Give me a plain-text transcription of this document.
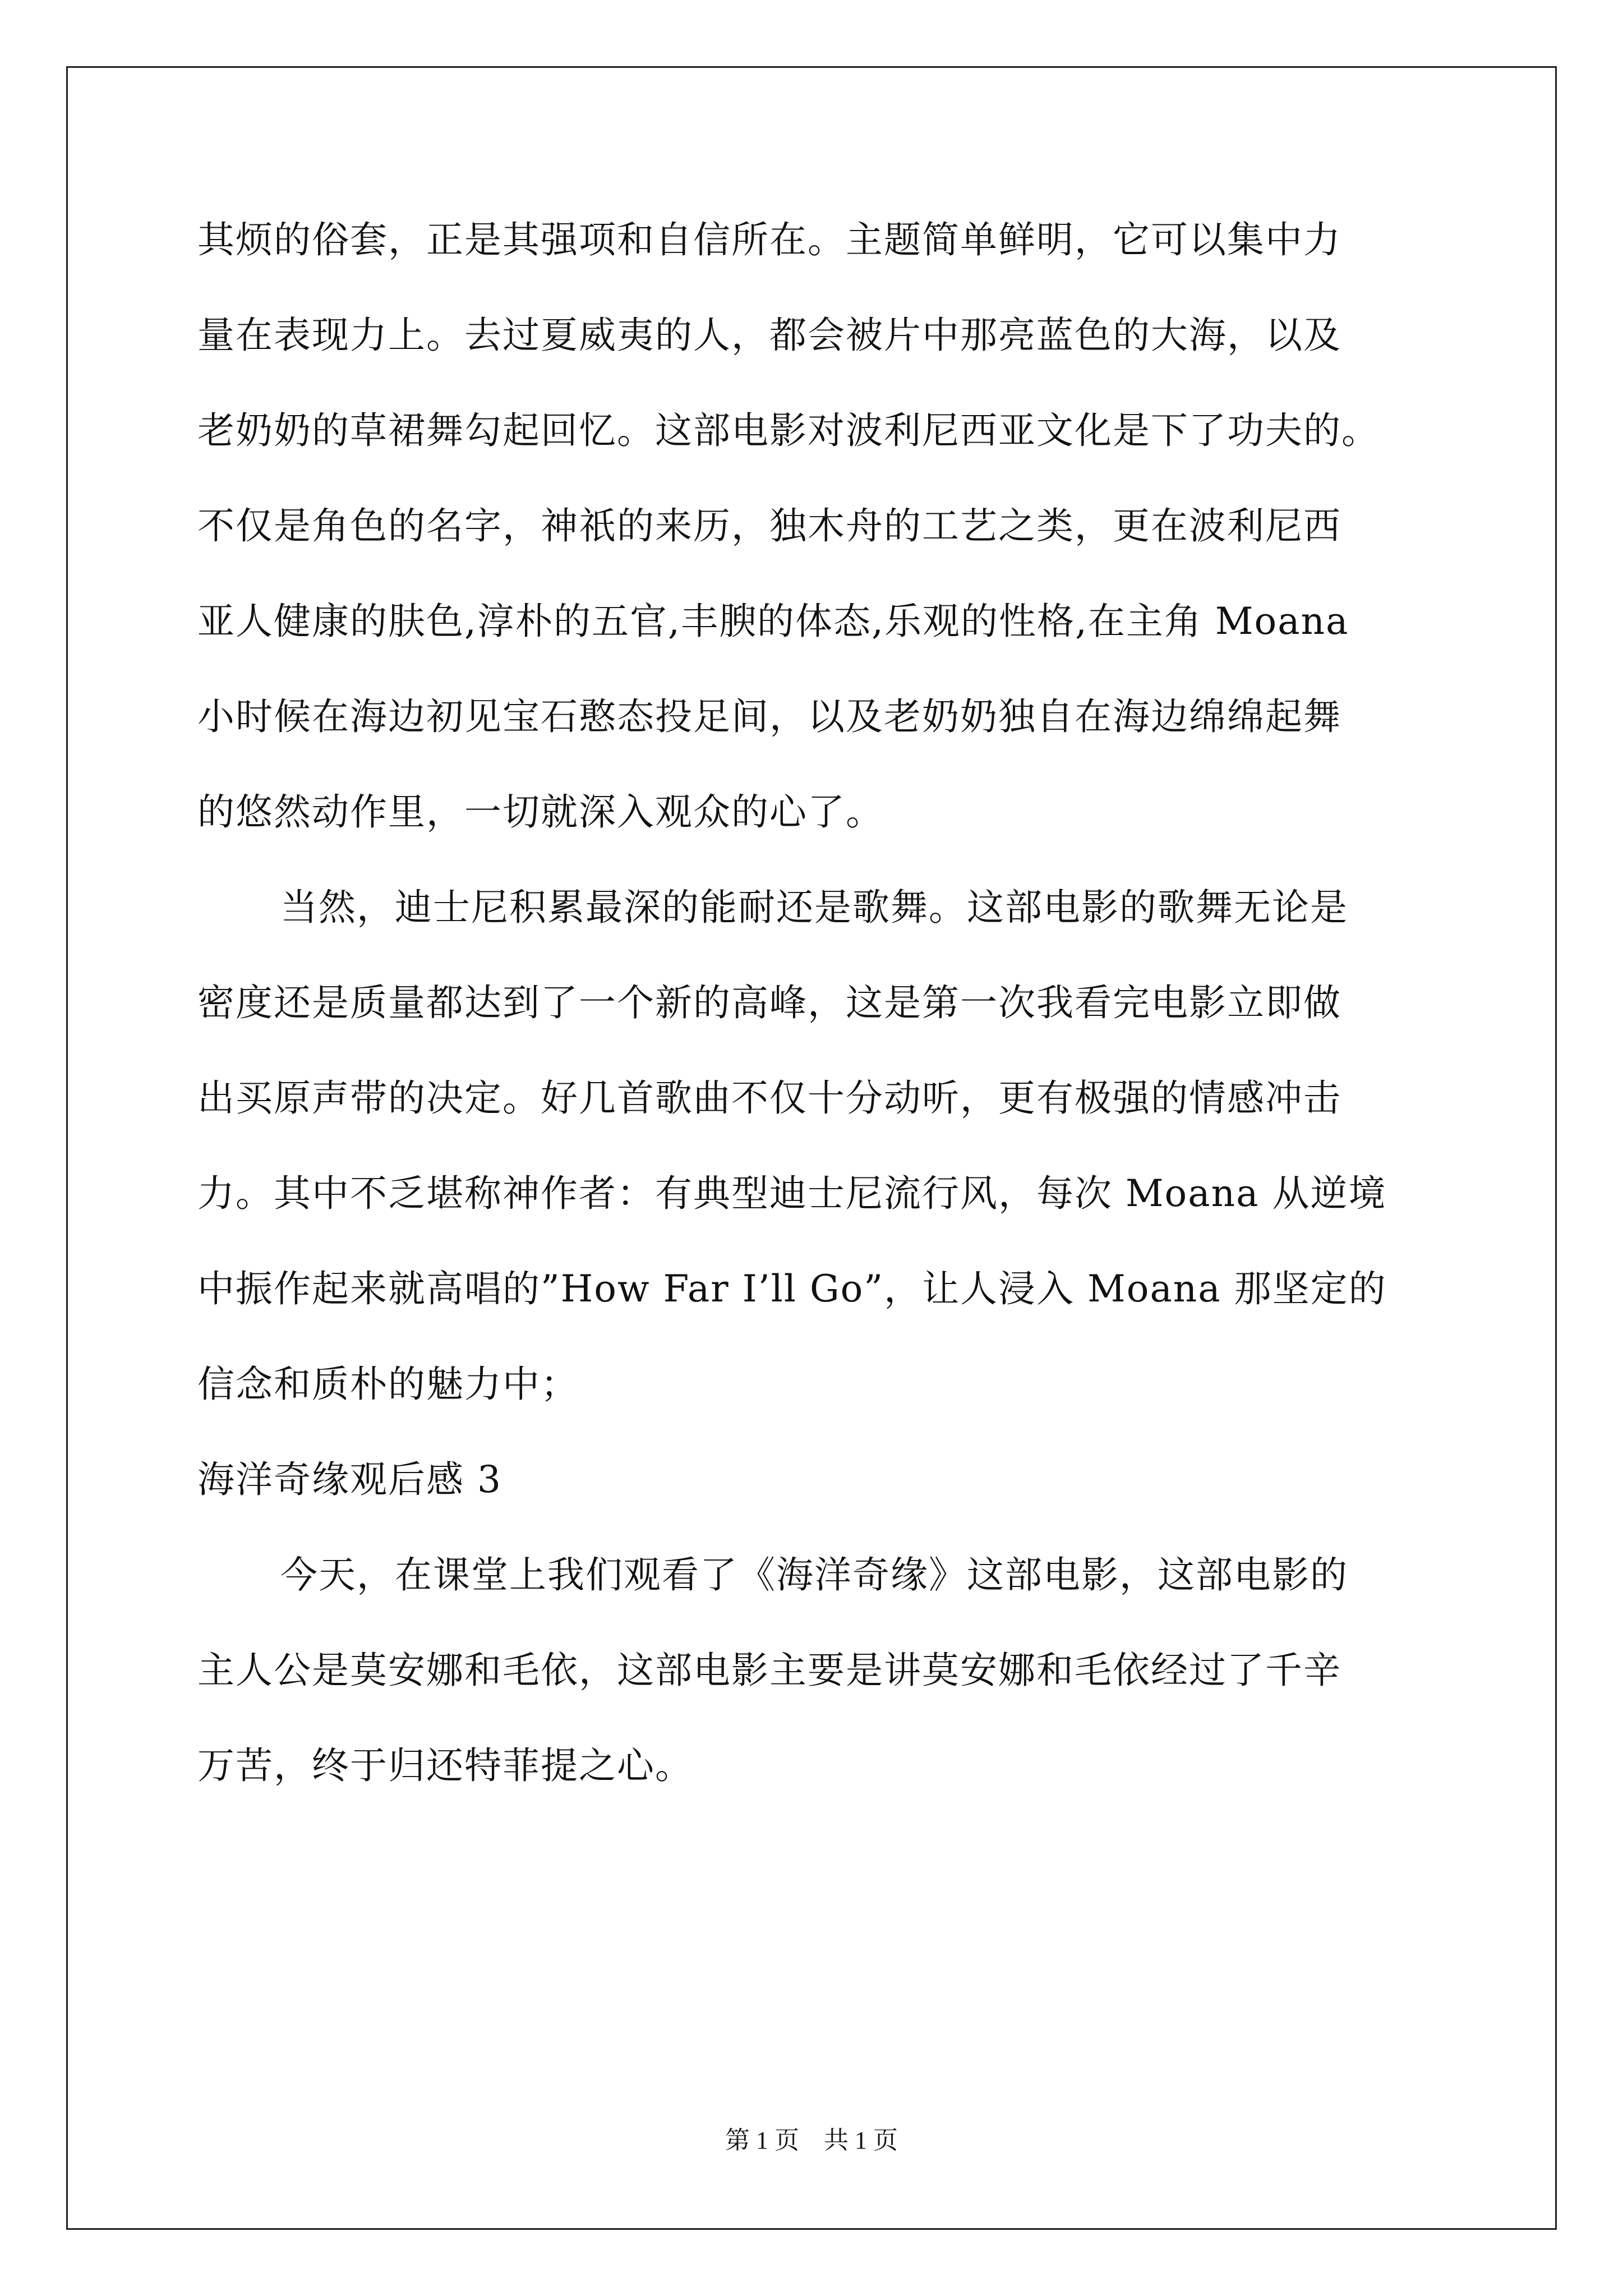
其烦的俗套，正是其强项和自信所在。主题简单鲜明，它可以集中力
量在表现力上。去过夏威夷的人，都会被片中那亮蓝色的大海，以及
老奶奶的草裙舞勾起回忆。这部电影对波利尼西亚文化是下了功夫的。
不仅是角色的名字，神祇的来历，独木舟的工艺之类，更在波利尼西
亚人健康的肤色,淳朴的五官,丰腴的体态,乐观的性格,在主角 Moana
小时候在海边初见宝石憨态投足间，以及老奶奶独自在海边绵绵起舞
的悠然动作里，一切就深入观众的心了。
当然，迪士尼积累最深的能耐还是歌舞。这部电影的歌舞无论是
密度还是质量都达到了一个新的高峰，这是第一次我看完电影立即做
出买原声带的决定。好几首歌曲不仅十分动听，更有极强的情感冲击
力。其中不乏堪称神作者：有典型迪士尼流行风，每次 Moana 从逆境
中振作起来就高唱的”How Far I’ll Go”，让人浸入 Moana 那坚定的
信念和质朴的魅力中；
海洋奇缘观后感 3
今天，在课堂上我们观看了《海洋奇缘》这部电影，这部电影的
主人公是莫安娜和毛依，这部电影主要是讲莫安娜和毛依经过了千辛
万苦，终于归还特菲提之心。
第 1 页　共 1 页
